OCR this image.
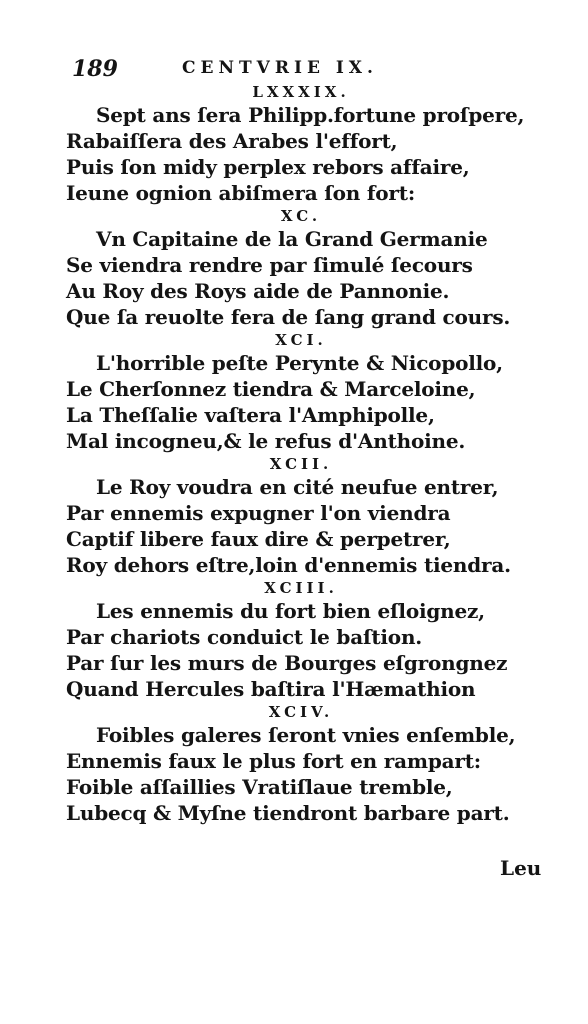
189	CENTVRIE IX.
LXXXIX.
Sept ans ſera Philipp.fortune proſpere,
Rabaiſſera des Arabes l'effort,
Puis ſon midy perplex rebors affaire,
Ieune ognion abiſmera ſon fort:
XC.
Vn Capitaine de la Grand Germanie
Se viendra rendre par ſimulé ſecours
Au Roy des Roys aide de Pannonie.
Que ſa reuolte fera de ſang grand cours.
XCI.
L'horrible peſte Perynte & Nicopollo,
Le Cherſonnez tiendra & Marceloine,
La Theſſalie vaſtera l'Amphipolle,
Mal incogneu,& le refus d'Anthoine.
XCII.
Le Roy voudra en cité neufue entrer,
Par ennemis expugner l'on viendra
Captif libere faux dire & perpetrer,
Roy dehors eſtre,loin d'ennemis tiendra.
XCIII.
Les ennemis du fort bien eſloignez,
Par chariots conduict le baſtion.
Par ſur les murs de Bourges eſgrongnez
Quand Hercules baſtira l'Hæmathion
XCIV.
Foibles galeres ſeront vnies enſemble,
Ennemis faux le plus fort en rampart:
Foible aſſaillies Vratiſlaue tremble,
Lubecq & Myſne tiendront barbare part.
Leu
